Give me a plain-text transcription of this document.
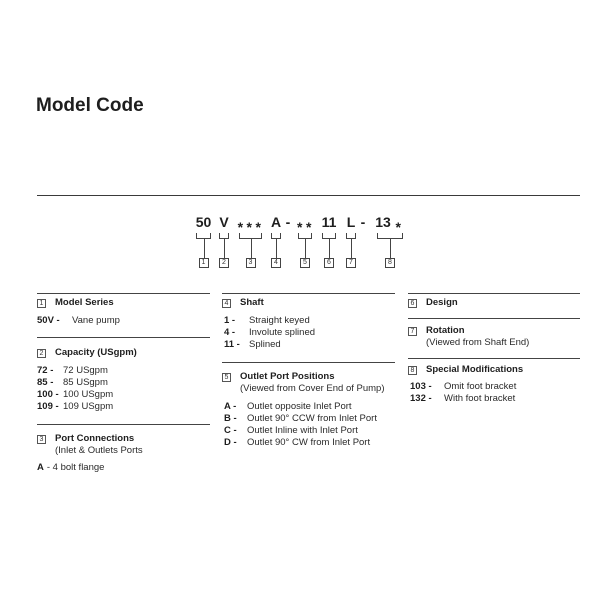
Model Code
50 V *** A - ** 11 L - 13 *
1	2	3	4	5	6	7	8
1 Model Series
50V -	Vane pump
2 Capacity (USgpm)
72 -	72 USgpm
85 -	85 USgpm
100 - 100 USgpm
109 - 109 USgpm
3 Port Connections
(Inlet & Outlets Ports
A - 4 bolt flange
4 Shaft
1 -	Straight keyed
4 -	Involute splined
11 - Splined
5 Outlet Port Positions
(Viewed from Cover End of Pump)
A -	Outlet opposite Inlet Port
B -	Outlet 90° CCW from Inlet Port
C -	Outlet Inline with Inlet Port
D -	Outlet 90° CW from Inlet Port
6 Design
7 Rotation
(Viewed from Shaft End)
8 Special Modifications
103 -	Omit foot bracket
132 -	With foot bracket
